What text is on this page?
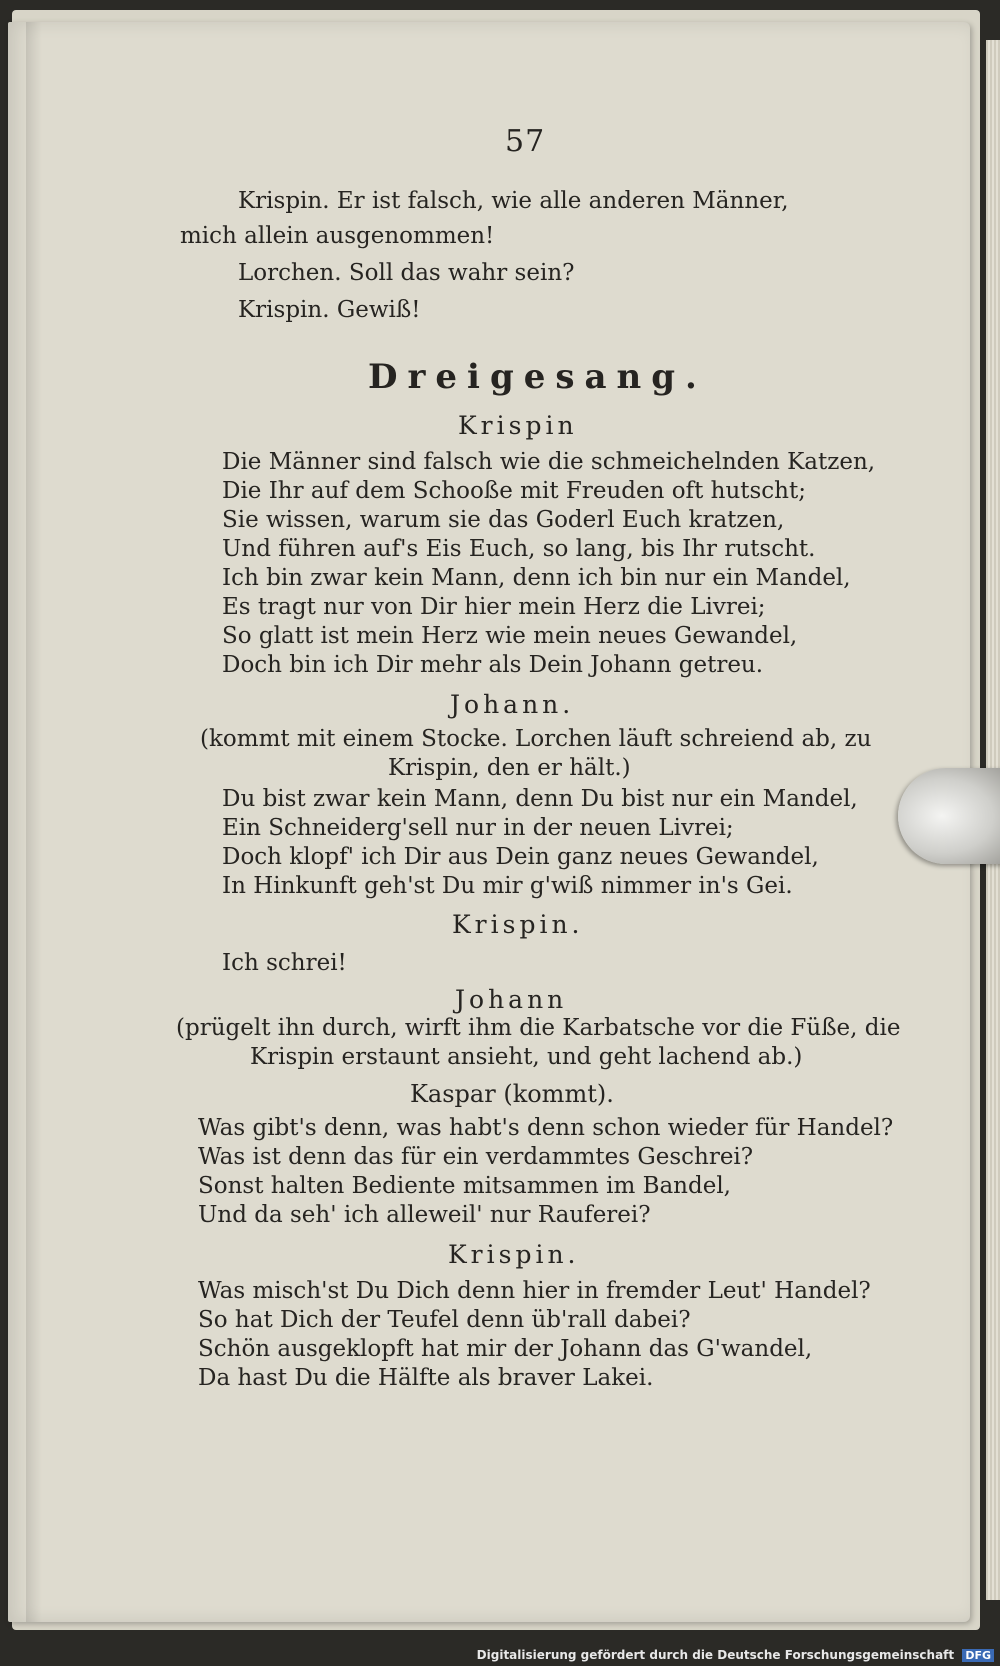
57
Krispin. Er ist falsch, wie alle anderen Männer,
mich allein ausgenommen!
Lorchen. Soll das wahr sein?
Krispin. Gewiß!
Dreigesang.
Krispin
Die Männer sind falsch wie die schmeichelnden Katzen,
Die Ihr auf dem Schooße mit Freuden oft hutscht;
Sie wissen, warum sie das Goderl Euch kratzen,
Und führen auf's Eis Euch, so lang, bis Ihr rutscht.
Ich bin zwar kein Mann, denn ich bin nur ein Mandel,
Es tragt nur von Dir hier mein Herz die Livrei;
So glatt ist mein Herz wie mein neues Gewandel,
Doch bin ich Dir mehr als Dein Johann getreu.
Johann.
(kommt mit einem Stocke. Lorchen läuft schreiend ab, zu
Krispin, den er hält.)
Du bist zwar kein Mann, denn Du bist nur ein Mandel,
Ein Schneiderg'sell nur in der neuen Livrei;
Doch klopf' ich Dir aus Dein ganz neues Gewandel,
In Hinkunft geh'st Du mir g'wiß nimmer in's Gei.
Krispin.
Ich schrei!
Johann
(prügelt ihn durch, wirft ihm die Karbatsche vor die Füße, die
Krispin erstaunt ansieht, und geht lachend ab.)
Kaspar (kommt).
Was gibt's denn, was habt's denn schon wieder für Handel?
Was ist denn das für ein verdammtes Geschrei?
Sonst halten Bediente mitsammen im Bandel,
Und da seh' ich alleweil' nur Rauferei?
Krispin.
Was misch'st Du Dich denn hier in fremder Leut' Handel?
So hat Dich der Teufel denn üb'rall dabei?
Schön ausgeklopft hat mir der Johann das G'wandel,
Da hast Du die Hälfte als braver Lakei.
Digitalisierung gefördert durch die Deutsche Forschungsgemeinschaft DFG
